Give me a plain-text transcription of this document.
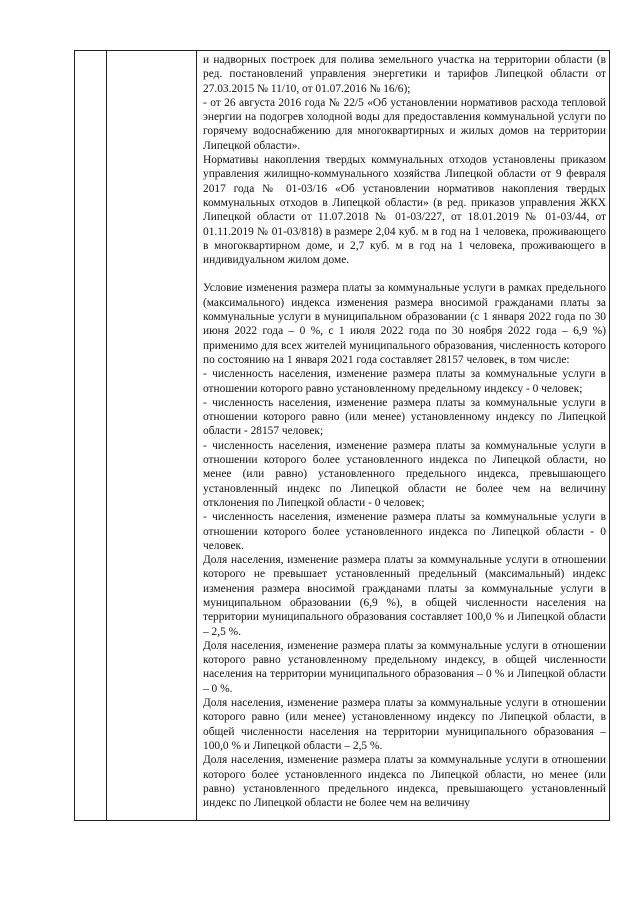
и надворных построек для полива земельного участка на территории области (в ред. постановлений управления энергетики и тарифов Липецкой области от 27.03.2015 № 11/10, от 01.07.2016 № 16/6);

- от 26 августа 2016 года № 22/5 «Об установлении нормативов расхода тепловой энергии на подогрев холодной воды для предоставления коммунальной услуги по горячему водоснабжению для многоквартирных и жилых домов на территории Липецкой области».

Нормативы накопления твердых коммунальных отходов установлены приказом управления жилищно-коммунального хозяйства Липецкой области от 9 февраля 2017 года № 01-03/16 «Об установлении нормативов накопления твердых коммунальных отходов в Липецкой области» (в ред. приказов управления ЖКХ Липецкой области от 11.07.2018 № 01-03/227, от 18.01.2019 № 01-03/44, от 01.11.2019 № 01-03/818) в размере 2,04 куб. м в год на 1 человека, проживающего в многоквартирном доме, и 2,7 куб. м в год на 1 человека, проживающего в индивидуальном жилом доме.

Условие изменения размера платы за коммунальные услуги в рамках предельного (максимального) индекса изменения размера вносимой гражданами платы за коммунальные услуги в муниципальном образовании (с 1 января 2022 года по 30 июня 2022 года – 0 %, с 1 июля 2022 года по 30 ноября 2022 года – 6,9 %) применимо для всех жителей муниципального образования, численность которого по состоянию на 1 января 2021 года составляет 28157 человек, в том числе:

- численность населения, изменение размера платы за коммунальные услуги в отношении которого равно установленному предельному индексу - 0 человек;

- численность населения, изменение размера платы за коммунальные услуги в отношении которого равно (или менее) установленному индексу по Липецкой области - 28157 человек;

- численность населения, изменение размера платы за коммунальные услуги в отношении которого более установленного индекса по Липецкой области, но менее (или равно) установленного предельного индекса, превышающего установленный индекс по Липецкой области не более чем на величину отклонения по Липецкой области - 0 человек;

- численность населения, изменение размера платы за коммунальные услуги в отношении которого более установленного индекса по Липецкой области - 0 человек.

Доля населения, изменение размера платы за коммунальные услуги в отношении которого не превышает установленный предельный (максимальный) индекс изменения размера вносимой гражданами платы за коммунальные услуги в муниципальном образовании (6,9 %), в общей численности населения на территории муниципального образования составляет 100,0 % и Липецкой области – 2,5 %.

Доля населения, изменение размера платы за коммунальные услуги в отношении которого равно установленному предельному индексу, в общей численности населения на территории муниципального образования – 0 % и Липецкой области – 0 %.

Доля населения, изменение размера платы за коммунальные услуги в отношении которого равно (или менее) установленному индексу по Липецкой области, в общей численности населения на территории муниципального образования – 100,0 % и Липецкой области – 2,5 %.

Доля населения, изменение размера платы за коммунальные услуги в отношении которого более установленного индекса по Липецкой области, но менее (или равно) установленного предельного индекса, превышающего установленный индекс по Липецкой области не более чем на величину
